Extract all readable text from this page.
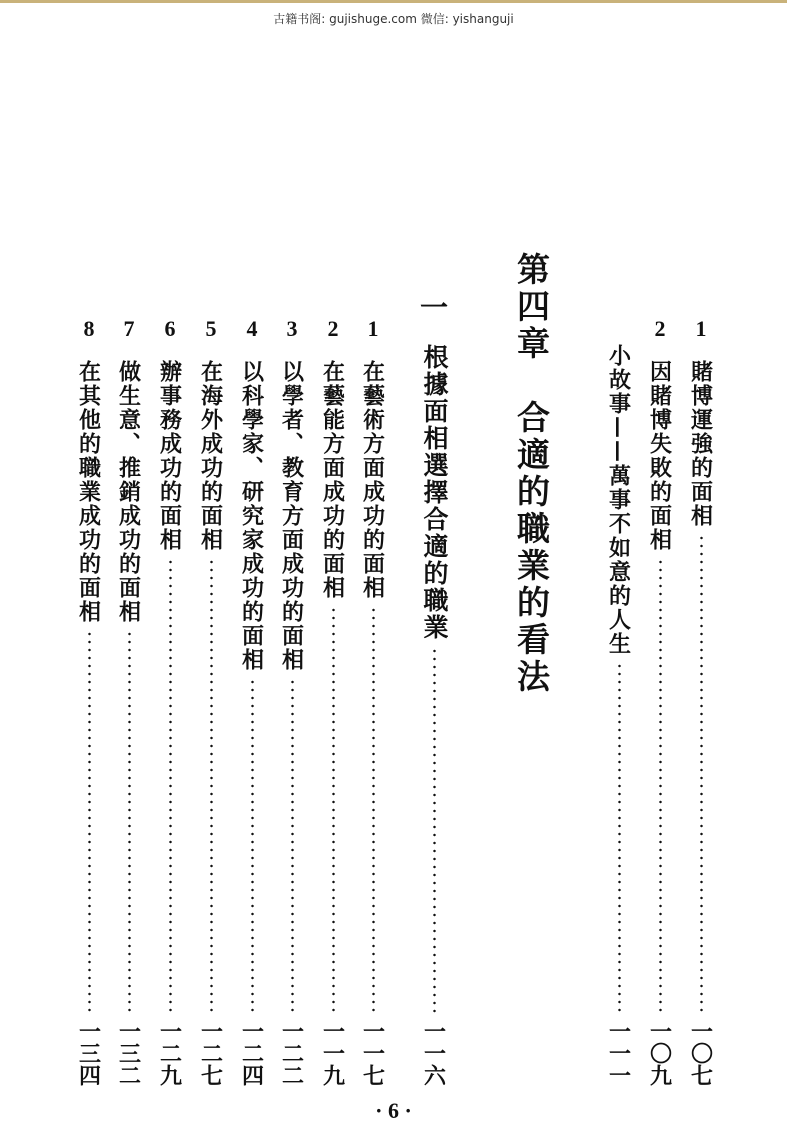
古籍书阁: gujishuge.com 微信: yishanguji
1
賭博運強的面相
一〇七
2
因賭博失敗的面相
一〇九
小故事——萬事不如意的人生
一一一
第四章　合適的職業的看法
一
根據面相選擇合適的職業
一一六
1
在藝術方面成功的面相
一一七
2
在藝能方面成功的面相
一一九
3
以學者、教育方面成功的面相
一二二
4
以科學家、研究家成功的面相
一二四
5
在海外成功的面相
一二七
6
辦事務成功的面相
一二九
7
做生意、推銷成功的面相
一三二
8
在其他的職業成功的面相
一三四
· 6 ·
